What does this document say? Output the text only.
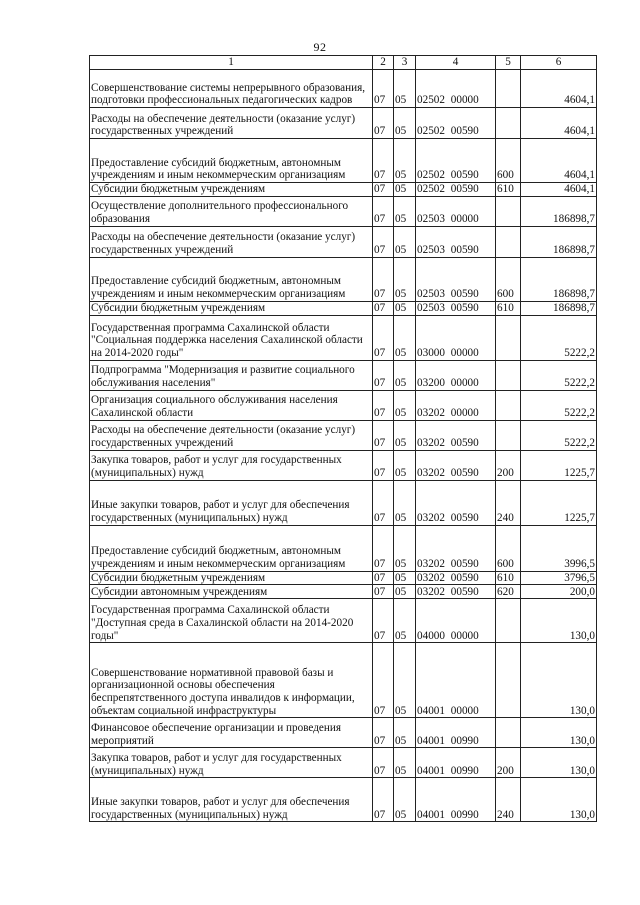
92
1	2	3	4	5	6
Совершенствование системы непрерывного образования, подготовки профессиональных педагогических кадров	07	05	02502 00000		4604,1
Расходы на обеспечение деятельности (оказание услуг) государственных учреждений	07	05	02502 00590		4604,1
Предоставление субсидий бюджетным, автономным учреждениям и иным некоммерческим организациям	07	05	02502 00590	600	4604,1
Субсидии бюджетным учреждениям	07	05	02502 00590	610	4604,1
Осуществление дополнительного профессионального образования	07	05	02503 00000		186898,7
Расходы на обеспечение деятельности (оказание услуг) государственных учреждений	07	05	02503 00590		186898,7
Предоставление субсидий бюджетным, автономным учреждениям и иным некоммерческим организациям	07	05	02503 00590	600	186898,7
Субсидии бюджетным учреждениям	07	05	02503 00590	610	186898,7
Государственная программа Сахалинской области "Социальная поддержка населения Сахалинской области на 2014-2020 годы"	07	05	03000 00000		5222,2
Подпрограмма "Модернизация и развитие социального обслуживания населения"	07	05	03200 00000		5222,2
Организация социального обслуживания населения Сахалинской области	07	05	03202 00000		5222,2
Расходы на обеспечение деятельности (оказание услуг) государственных учреждений	07	05	03202 00590		5222,2
Закупка товаров, работ и услуг для государственных (муниципальных) нужд	07	05	03202 00590	200	1225,7
Иные закупки товаров, работ и услуг для обеспечения государственных (муниципальных) нужд	07	05	03202 00590	240	1225,7
Предоставление субсидий бюджетным, автономным учреждениям и иным некоммерческим организациям	07	05	03202 00590	600	3996,5
Субсидии бюджетным учреждениям	07	05	03202 00590	610	3796,5
Субсидии автономным учреждениям	07	05	03202 00590	620	200,0
Государственная программа Сахалинской области "Доступная среда в Сахалинской области на 2014-2020 годы"	07	05	04000 00000		130,0
Совершенствование нормативной правовой базы и организационной основы обеспечения беспрепятственного доступа инвалидов к информации, объектам социальной инфраструктуры	07	05	04001 00000		130,0
Финансовое обеспечение организации и проведения мероприятий	07	05	04001 00990		130,0
Закупка товаров, работ и услуг для государственных (муниципальных) нужд	07	05	04001 00990	200	130,0
Иные закупки товаров, работ и услуг для обеспечения государственных (муниципальных) нужд	07	05	04001 00990	240	130,0
